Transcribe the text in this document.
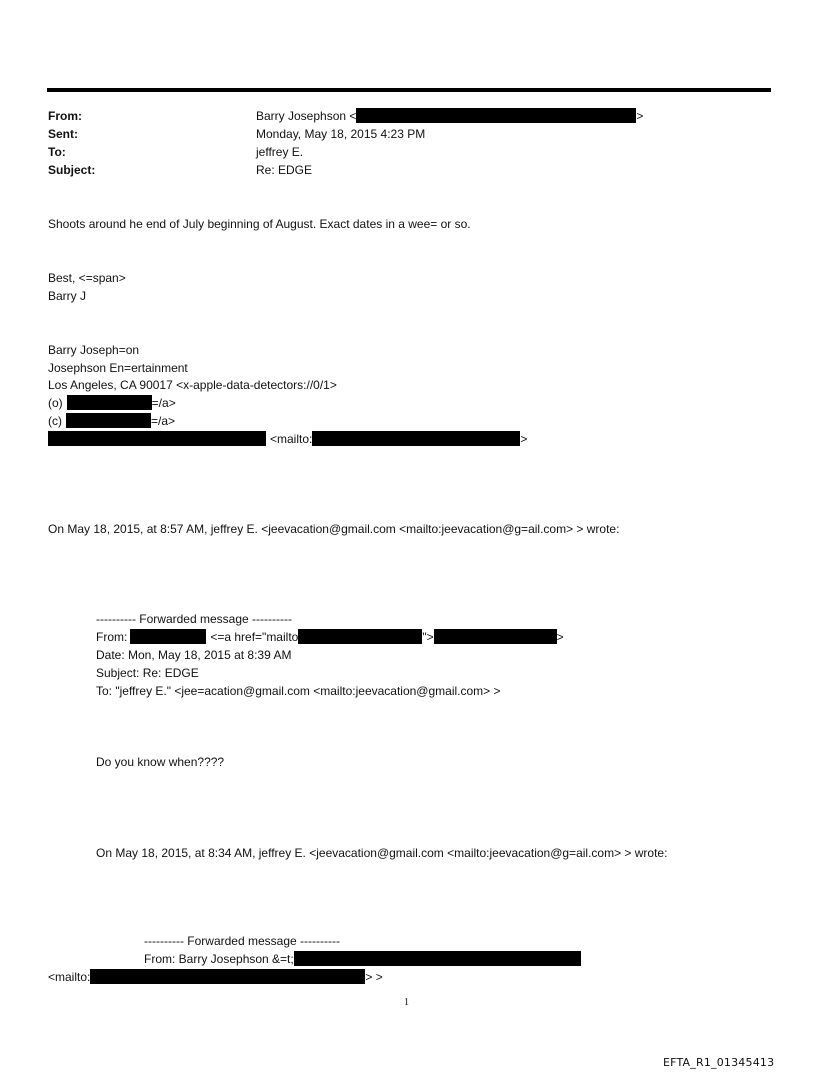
From:	Barry Josephson <	>
Sent:	Monday, May 18, 2015 4:23 PM
To:	jeffrey E.
Subject:	Re: EDGE
Shoots around he end of July beginning of August. Exact dates in a wee= or so.
Best, <=span>
Barry J
Barry Joseph=on
Josephson En=ertainment
Los Angeles, CA 90017 <x-apple-data-detectors://0/1>
(o)	=/a>
(c)	=/a>
<mailto:	>
On May 18, 2015, at 8:57 AM, jeffrey E. <jeevacation@gmail.com <mailto:jeevacation@g=ail.com> > wrote:
---------- Forwarded message ----------
From:	<=a href="mailto	">	>
Date: Mon, May 18, 2015 at 8:39 AM
Subject: Re: EDGE
To: "jeffrey E." <jee=acation@gmail.com <mailto:jeevacation@gmail.com> >
Do you know when????
On May 18, 2015, at 8:34 AM, jeffrey E. <jeevacation@gmail.com <mailto:jeevacation@g=ail.com> > wrote:
---------- Forwarded message ----------
From: Barry Josephson &=t;
<mailto:	> >
1
EFTA_R1_01345413
